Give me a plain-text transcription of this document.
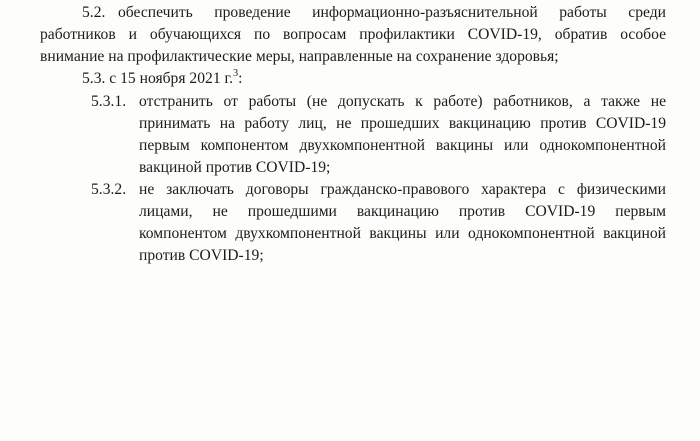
5.2. обеспечить проведение информационно-разъяснительной работы среди
работников и обучающихся по вопросам профилактики COVID-19, обратив особое
внимание на профилактические меры, направленные на сохранение здоровья;
5.3. с 15 ноября 2021 г.$^3$:
5.3.1. отстранить от работы (не допускать к работе) работников, а также не
принимать на работу лиц, не прошедших вакцинацию против COVID-19
первым компонентом двухкомпонентной вакцины или однокомпонентной
вакциной против COVID-19;
5.3.2. не заключать договоры гражданско-правового характера с физическими
лицами, не прошедшими вакцинацию против COVID-19 первым
компонентом двухкомпонентной вакцины или однокомпонентной вакциной
против COVID-19;
